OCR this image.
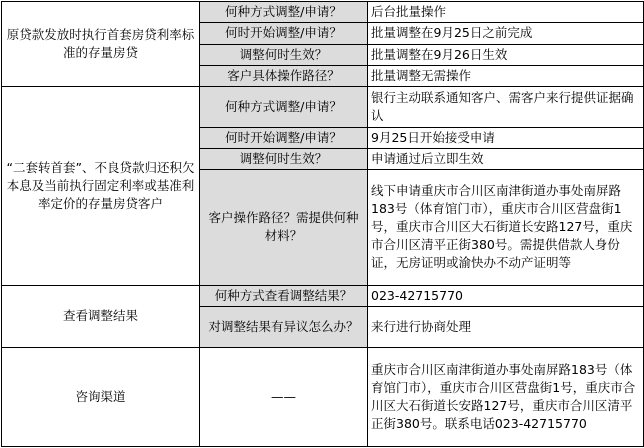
原贷款发放时执行首套房贷利率标准的存量房贷	何种方式调整/申请？	后台批量操作
	何时开始调整/申请？	批量调整在9月25日之前完成
	调整何时生效？	批量调整在9月26日生效
	客户具体操作路径？	批量调整无需操作
“二套转首套”、不良贷款归还积欠本息及当前执行固定利率或基准利率定价的存量房贷客户	何种方式调整/申请？	银行主动联系通知客户、需客户来行提供证据确认
	何时开始调整/申请？	9月25日开始接受申请
	调整何时生效？	申请通过后立即生效
	客户操作路径？需提供何种材料？	线下申请重庆市合川区南津街道办事处南屏路183号（体育馆门市），重庆市合川区营盘街1号，重庆市合川区大石街道长安路127号，重庆市合川区清平正街380号。需提供借款人身份证，无房证明或渝快办不动产证明等
查看调整结果	何种方式查看调整结果？	023-42715770
	对调整结果有异议怎么办？	来行进行协商处理
咨询渠道	——	重庆市合川区南津街道办事处南屏路183号（体育馆门市），重庆市合川区营盘街1号，重庆市合川区大石街道长安路127号，重庆市合川区清平正街380号。联系电话023-42715770
